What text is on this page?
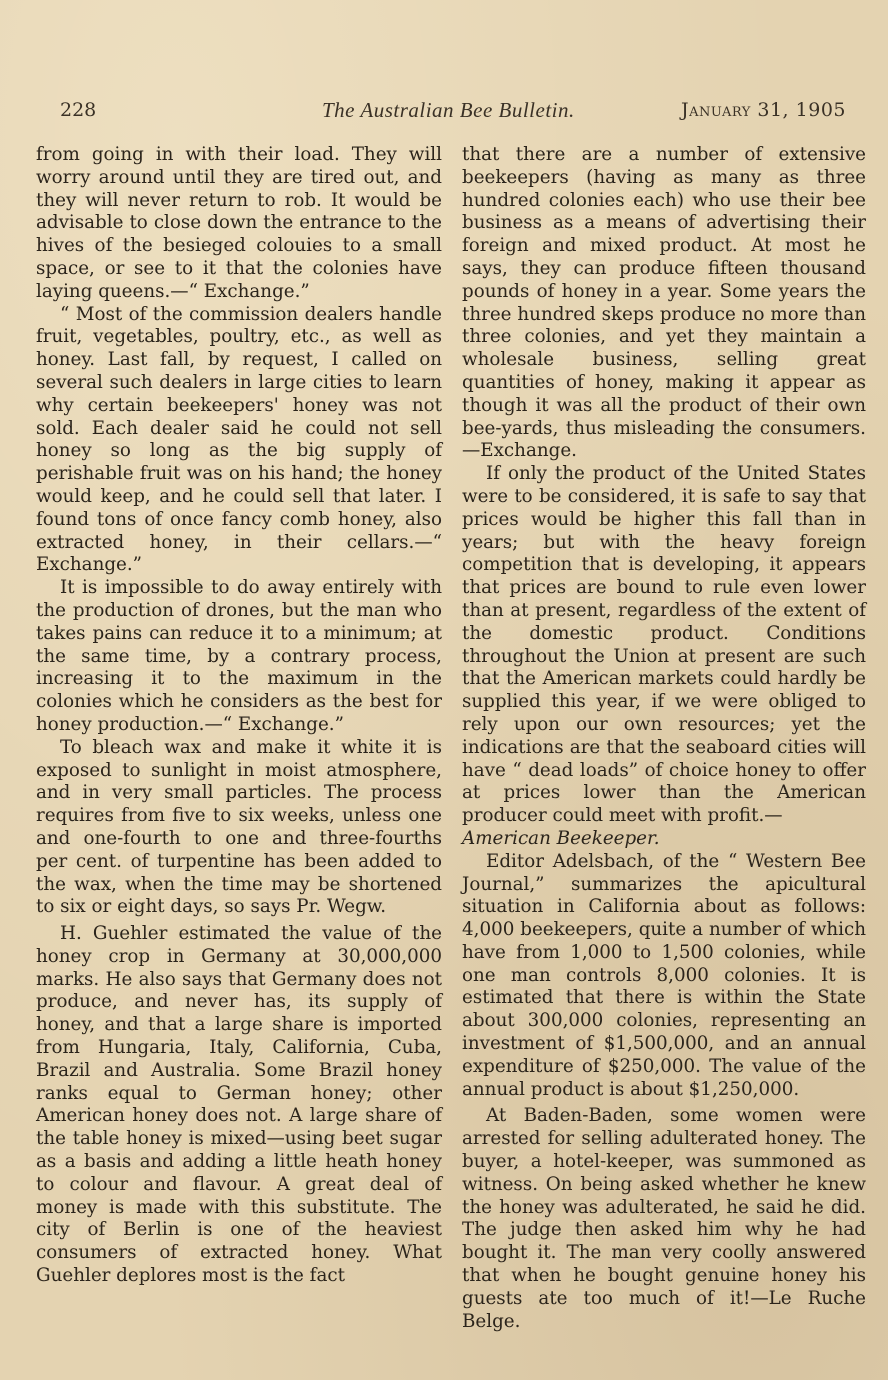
228	The Australian Bee Bulletin.	January 31, 1905

from going in with their load. They will worry around until they are tired out, and they will never return to rob. It would be advisable to close down the entrance to the hives of the besieged colouies to a small space, or see to it that the colonies have laying queens.—“ Exchange.”

“ Most of the commission dealers handle fruit, vegetables, poultry, etc., as well as honey. Last fall, by request, I called on several such dealers in large cities to learn why certain beekeepers' honey was not sold. Each dealer said he could not sell honey so long as the big supply of perishable fruit was on his hand; the honey would keep, and he could sell that later. I found tons of once fancy comb honey, also extracted honey, in their cellars.—“ Exchange.”

It is impossible to do away entirely with the production of drones, but the man who takes pains can reduce it to a minimum; at the same time, by a contrary process, increasing it to the maximum in the colonies which he considers as the best for honey production.—“ Exchange.”

To bleach wax and make it white it is exposed to sunlight in moist atmosphere, and in very small particles. The process requires from five to six weeks, unless one and one-fourth to one and three-fourths per cent. of turpentine has been added to the wax, when the time may be shortened to six or eight days, so says Pr. Wegw.

H. Guehler estimated the value of the honey crop in Germany at 30,000,000 marks. He also says that Germany does not produce, and never has, its supply of honey, and that a large share is imported from Hungaria, Italy, California, Cuba, Brazil and Australia. Some Brazil honey ranks equal to German honey; other American honey does not. A large share of the table honey is mixed—using beet sugar as a basis and adding a little heath honey to colour and flavour. A great deal of money is made with this substitute. The city of Berlin is one of the heaviest consumers of extracted honey. What Guehler deplores most is the fact

that there are a number of extensive beekeepers (having as many as three hundred colonies each) who use their bee business as a means of advertising their foreign and mixed product. At most he says, they can produce fifteen thousand pounds of honey in a year. Some years the three hundred skeps produce no more than three colonies, and yet they maintain a wholesale business, selling great quantities of honey, making it appear as though it was all the product of their own bee-yards, thus misleading the consumers.—Exchange.

If only the product of the United States were to be considered, it is safe to say that prices would be higher this fall than in years; but with the heavy foreign competition that is developing, it appears that prices are bound to rule even lower than at present, regardless of the extent of the domestic product. Conditions throughout the Union at present are such that the American markets could hardly be supplied this year, if we were obliged to rely upon our own resources; yet the indications are that the seaboard cities will have “ dead loads” of choice honey to offer at prices lower than the American producer could meet with profit.—
American Beekeeper.

Editor Adelsbach, of the “ Western Bee Journal,” summarizes the apicultural situation in California about as follows: 4,000 beekeepers, quite a number of which have from 1,000 to 1,500 colonies, while one man controls 8,000 colonies. It is estimated that there is within the State about 300,000 colonies, representing an investment of $1,500,000, and an annual expenditure of $250,000. The value of the annual product is about $1,250,000.

At Baden-Baden, some women were arrested for selling adulterated honey. The buyer, a hotel-keeper, was summoned as witness. On being asked whether he knew the honey was adulterated, he said he did. The judge then asked him why he had bought it. The man very coolly answered that when he bought genuine honey his guests ate too much of it!—Le Ruche Belge.
